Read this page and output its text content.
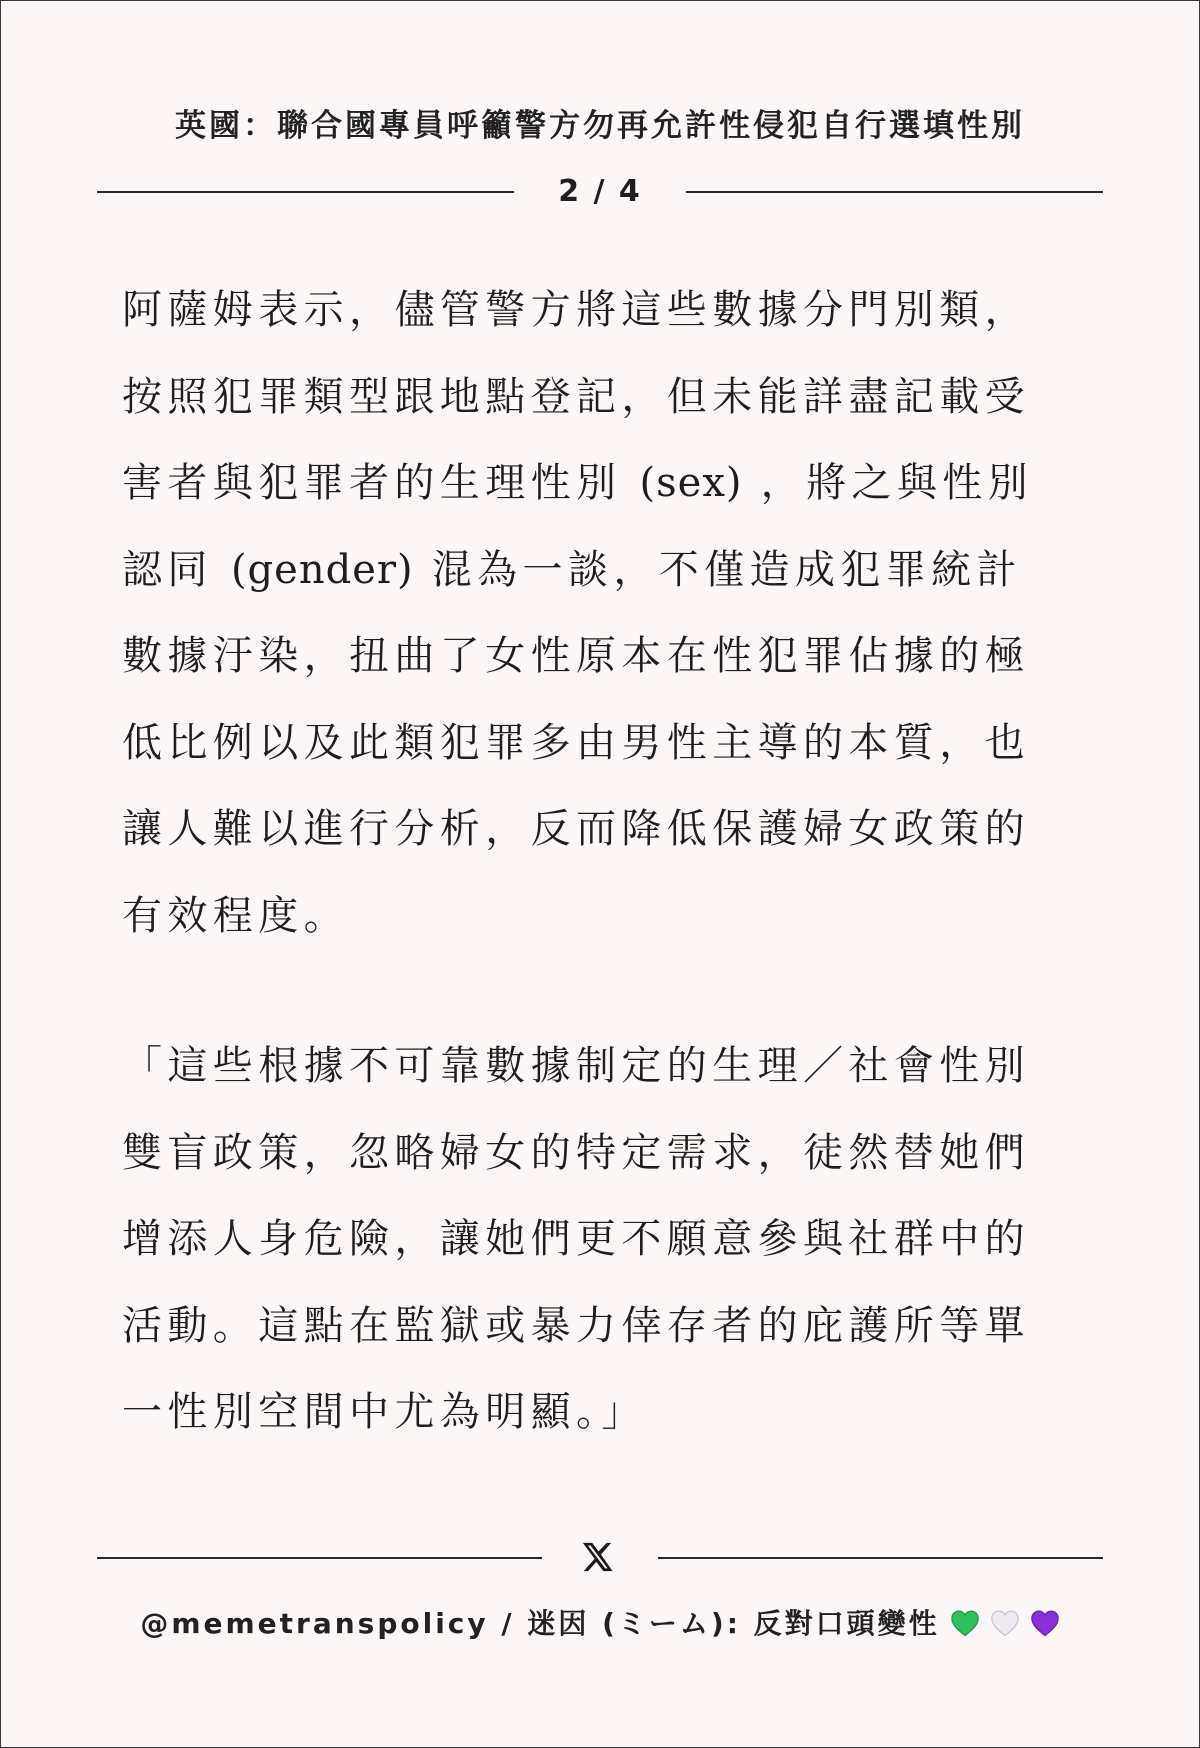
英國：聯合國專員呼籲警方勿再允許性侵犯自行選填性別
2 / 4
阿薩姆表示，儘管警方將這些數據分門別類，
按照犯罪類型跟地點登記，但未能詳盡記載受
害者與犯罪者的生理性別 (sex) ，將之與性別
認同 (gender) 混為一談，不僅造成犯罪統計
數據汙染，扭曲了女性原本在性犯罪佔據的極
低比例以及此類犯罪多由男性主導的本質，也
讓人難以進行分析，反而降低保護婦女政策的
有效程度。
「這些根據不可靠數據制定的生理／社會性別
雙盲政策，忽略婦女的特定需求，徒然替她們
增添人身危險，讓她們更不願意參與社群中的
活動。這點在監獄或暴力倖存者的庇護所等單
一性別空間中尤為明顯。」
@memetranspolicy / 迷因 (ミーム): 反對口頭變性
